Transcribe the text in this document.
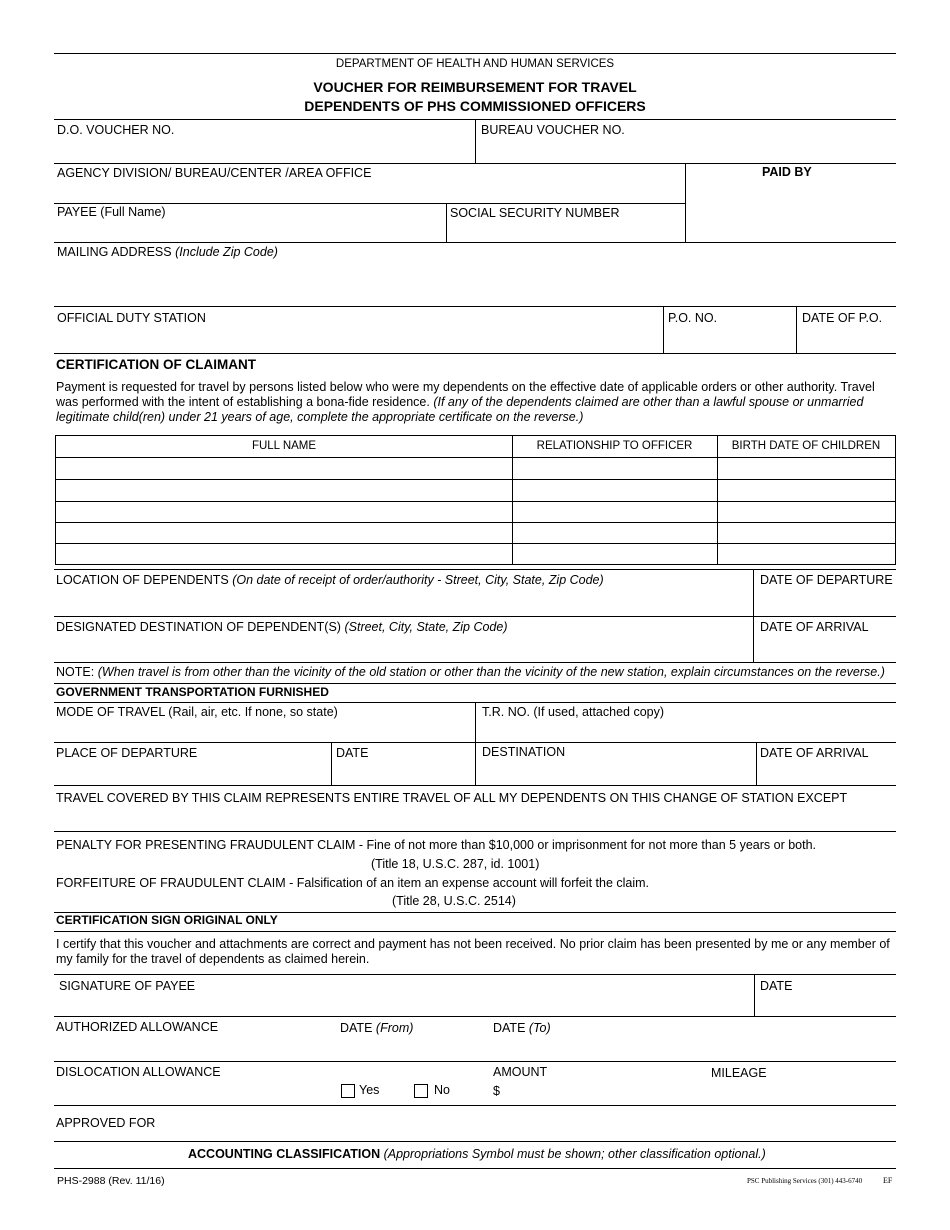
DEPARTMENT OF HEALTH AND HUMAN SERVICES
VOUCHER FOR REIMBURSEMENT FOR TRAVEL
DEPENDENTS OF PHS COMMISSIONED OFFICERS
D.O. VOUCHER NO.	BUREAU VOUCHER NO.
AGENCY DIVISION/ BUREAU/CENTER /AREA OFFICE	PAID BY
PAYEE (Full Name)	SOCIAL SECURITY NUMBER
MAILING ADDRESS (Include Zip Code)
OFFICIAL DUTY STATION	P.O. NO.	DATE OF P.O.
CERTIFICATION OF CLAIMANT
Payment is requested for travel by persons listed below who were my dependents on the effective date of applicable orders or other authority. Travel was performed with the intent of establishing a bona-fide residence. (If any of the dependents claimed are other than a lawful spouse or unmarried legitimate child(ren) under 21 years of age, complete the appropriate certificate on the reverse.)
FULL NAME	RELATIONSHIP TO OFFICER	BIRTH DATE OF CHILDREN
LOCATION OF DEPENDENTS (On date of receipt of order/authority - Street, City, State, Zip Code)	DATE OF DEPARTURE
DESIGNATED DESTINATION OF DEPENDENT(S) (Street, City, State, Zip Code)	DATE OF ARRIVAL
NOTE: (When travel is from other than the vicinity of the old station or other than the vicinity of the new station, explain circumstances on the reverse.)
GOVERNMENT TRANSPORTATION FURNISHED
MODE OF TRAVEL (Rail, air, etc. If none, so state)	T.R. NO. (If used, attached copy)
PLACE OF DEPARTURE	DATE	DESTINATION	DATE OF ARRIVAL
TRAVEL COVERED BY THIS CLAIM REPRESENTS ENTIRE TRAVEL OF ALL MY DEPENDENTS ON THIS CHANGE OF STATION EXCEPT
PENALTY FOR PRESENTING FRAUDULENT CLAIM - Fine of not more than $10,000 or imprisonment for not more than 5 years or both.
(Title 18, U.S.C. 287, id. 1001)
FORFEITURE OF FRAUDULENT CLAIM - Falsification of an item an expense account will forfeit the claim.
(Title 28, U.S.C. 2514)
CERTIFICATION SIGN ORIGINAL ONLY
I certify that this voucher and attachments are correct and payment has not been received. No prior claim has been presented by me or any member of my family for the travel of dependents as claimed herein.
SIGNATURE OF PAYEE	DATE
AUTHORIZED ALLOWANCE	DATE (From)	DATE (To)
DISLOCATION ALLOWANCE
Yes	No
AMOUNT
$
MILEAGE
APPROVED FOR
ACCOUNTING CLASSIFICATION (Appropriations Symbol must be shown; other classification optional.)
PHS-2988 (Rev. 11/16)	PSC Publishing Services (301) 443-6740	EF
